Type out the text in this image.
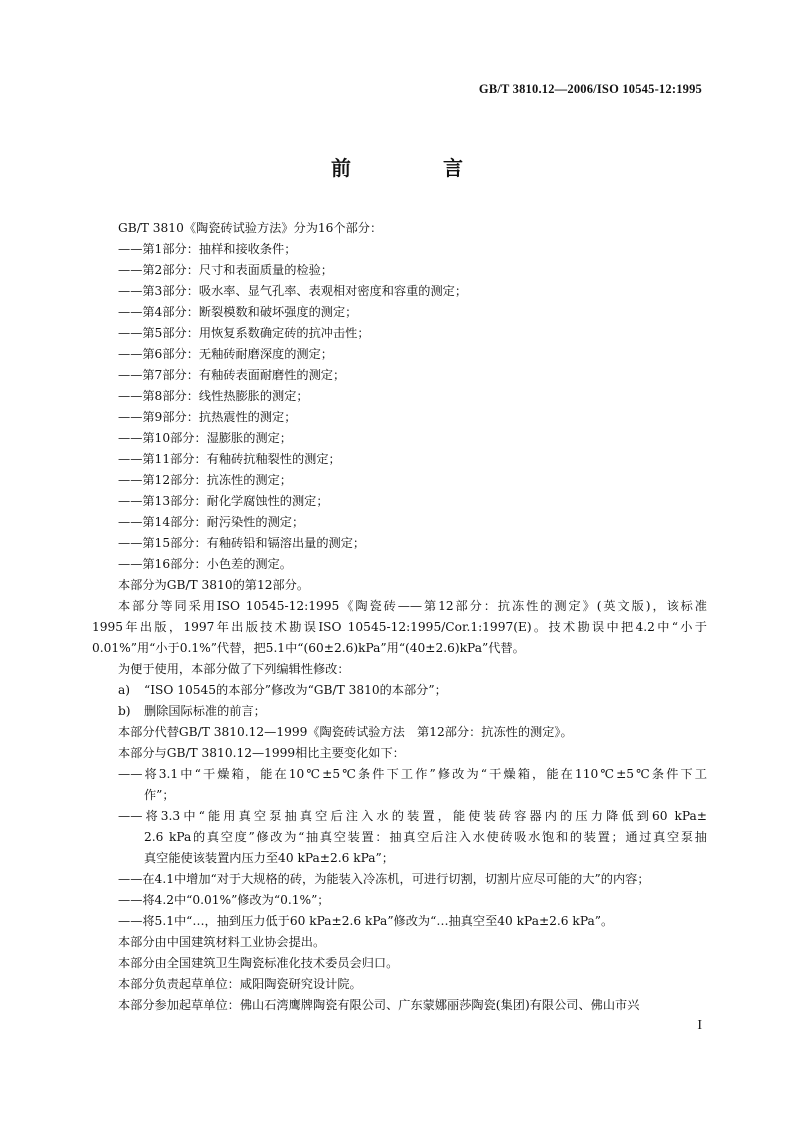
GB/T 3810.12—2006/ISO 10545-12:1995
前　言
GB/T 3810《陶瓷砖试验方法》分为16个部分：
——第1部分：抽样和接收条件；
——第2部分：尺寸和表面质量的检验；
——第3部分：吸水率、显气孔率、表观相对密度和容重的测定；
——第4部分：断裂模数和破坏强度的测定；
——第5部分：用恢复系数确定砖的抗冲击性；
——第6部分：无釉砖耐磨深度的测定；
——第7部分：有釉砖表面耐磨性的测定；
——第8部分：线性热膨胀的测定；
——第9部分：抗热震性的测定；
——第10部分：湿膨胀的测定；
——第11部分：有釉砖抗釉裂性的测定；
——第12部分：抗冻性的测定；
——第13部分：耐化学腐蚀性的测定；
——第14部分：耐污染性的测定；
——第15部分：有釉砖铅和镉溶出量的测定；
——第16部分：小色差的测定。
本部分为GB/T 3810的第12部分。
本部分等同采用ISO 10545-12:1995《陶瓷砖——第12部分：抗冻性的测定》(英文版)，该标准
1995年出版，1997年出版技术勘误ISO 10545-12:1995/Cor.1:1997(E)。技术勘误中把4.2中“小于
0.01%”用“小于0.1%”代替，把5.1中“(60±2.6)kPa”用“(40±2.6)kPa”代替。
为便于使用，本部分做了下列编辑性修改：
a) “ISO 10545的本部分”修改为“GB/T 3810的本部分”；
b) 删除国际标准的前言；
本部分代替GB/T 3810.12—1999《陶瓷砖试验方法　第12部分：抗冻性的测定》。
本部分与GB/T 3810.12—1999相比主要变化如下：
——将3.1中“干燥箱，能在10℃±5℃条件下工作”修改为“干燥箱，能在110℃±5℃条件下工
作”；
——将3.3中“能用真空泵抽真空后注入水的装置，能使装砖容器内的压力降低到60 kPa±
2.6 kPa的真空度”修改为“抽真空装置：抽真空后注入水使砖吸水饱和的装置；通过真空泵抽
真空能使该装置内压力至40 kPa±2.6 kPa”；
——在4.1中增加“对于大规格的砖，为能装入冷冻机，可进行切割，切割片应尽可能的大”的内容；
——将4.2中“0.01%”修改为“0.1%”；
——将5.1中“…，抽到压力低于60 kPa±2.6 kPa”修改为“…抽真空至40 kPa±2.6 kPa”。
本部分由中国建筑材料工业协会提出。
本部分由全国建筑卫生陶瓷标准化技术委员会归口。
本部分负责起草单位：咸阳陶瓷研究设计院。
本部分参加起草单位：佛山石湾鹰牌陶瓷有限公司、广东蒙娜丽莎陶瓷(集团)有限公司、佛山市兴
I
